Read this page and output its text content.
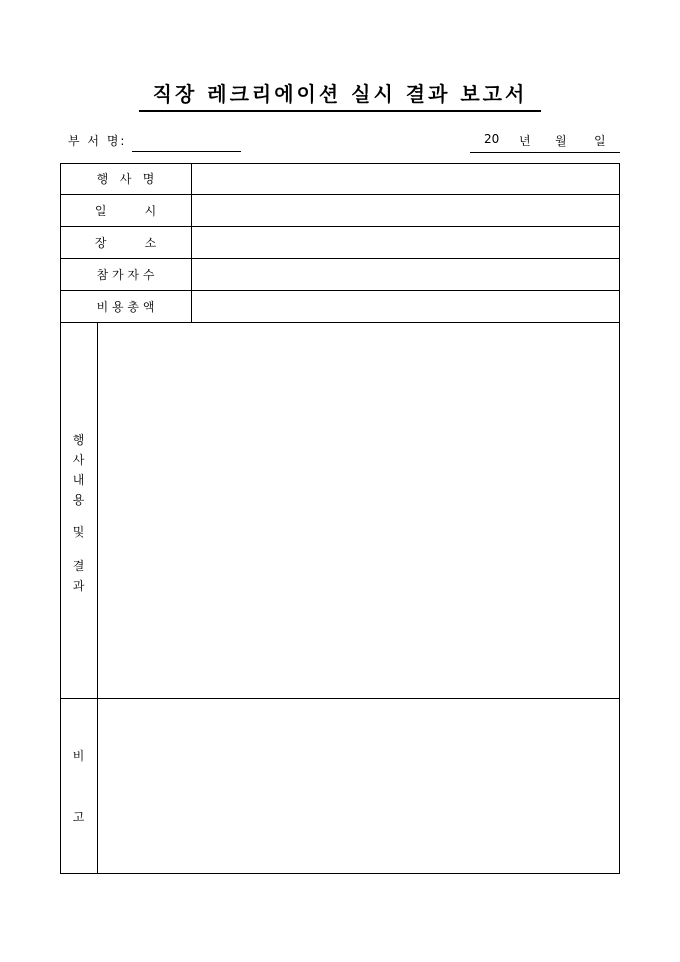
직장 레크리에이션 실시 결과 보고서
부 서 명:	20 년 월 일
행   사   명
일          시
장          소
참 가 자 수
비 용 총 액
행
사
내
용
및
결
과
비
고
